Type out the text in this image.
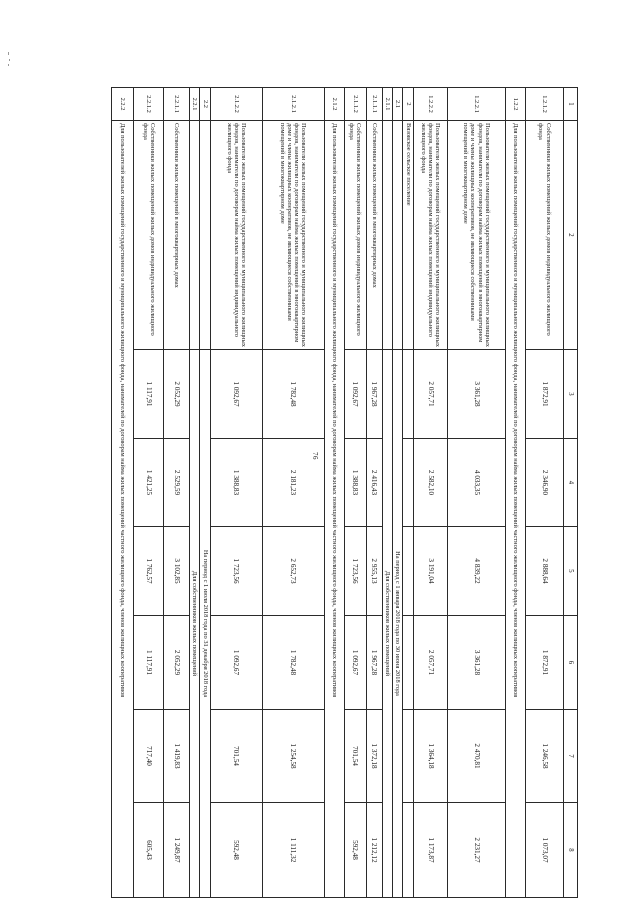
76
1	2	3	4	5	6	7	8
1.2.1.2	Собственники жилых помещений жилых домов индивидуального жилищного фонда	1 872,91	2 346,90	2 888,64	1 872,91	1 246,58	1 073,07
1.2.2	Для пользователей жилых помещений государственного и муниципального жилищного фонда, нанимателей по договорам найма жилых помещений частного жилищного фонда, членов жилищных кооперативов						
1.2.2.1	Пользователи жилых помещений государственного и муниципального жилищных фондов, наниматели по договорам найма жилых помещений в многоквартирном доме и члены жилищных кооперативов, не являющиеся собственниками помещений в многоквартирном доме	3 361,28	4 033,35	4 839,22	3 361,28	2 470,81	2 231,27
1.2.2.2	Пользователи жилых помещений государственного и муниципального жилищных фондов, наниматели по договорам найма жилых помещений индивидуального жилищного фонда	2 057,71	2 582,10	3 191,04	2 057,71	1 364,18	1 173,87
2	Вязовское сельское поселение						
2.1		На период с 1 января 2018 года по 30 июня 2018 года					
2.1.1		Для собственников жилых помещений					
2.1.1.1	Собственники жилых помещений в многоквартирных домах	1 967,28	2 416,43	2 955,13	1 967,28	1 372,18	1 212,12
2.1.1.2	Собственники жилых помещений жилых домов индивидуального жилищного фонда	1 092,67	1 388,83	1 723,56	1 092,67	701,54	592,48
2.1.2	Для пользователей жилых помещений государственного и муниципального жилищного фонда, нанимателей по договорам найма жилых помещений частного жилищного фонда, членов жилищных кооперативов						
2.1.2.1	Пользователи жилых помещений государственного и муниципального жилищных фондов, наниматели по договорам найма жилых помещений в многоквартирном доме и члены жилищных кооперативов, не являющиеся собственниками помещений в многоквартирном доме	1 782,48	2 181,23	2 652,73	1 782,48	1 254,58	1 111,32
2.1.2.2	Пользователи жилых помещений государственного и муниципального жилищных фондов, наниматели по договорам найма жилых помещений индивидуального жилищного фонда	1 092,67	1 388,83	1 723,56	1 092,67	701,54	592,48
2.2		На период с 1 июля 2018 года по 31 декабря 2018 года					
2.2.1		Для собственников жилых помещений					
2.2.1.1	Собственники жилых помещений в многоквартирных домах	2 052,29	2 529,59	3 102,85	2 052,29	1 419,83	1 249,87
2.2.1.2	Собственники жилых помещений жилых домов индивидуального жилищного фонда	1 117,91	1 421,25	1 762,57	1 117,91	717,40	605,43
2.2.2	Для пользователей жилых помещений государственного и муниципального жилищного фонда, нанимателей по договорам найма жилых помещений частного жилищного фонда, членов жилищных кооперативов						
